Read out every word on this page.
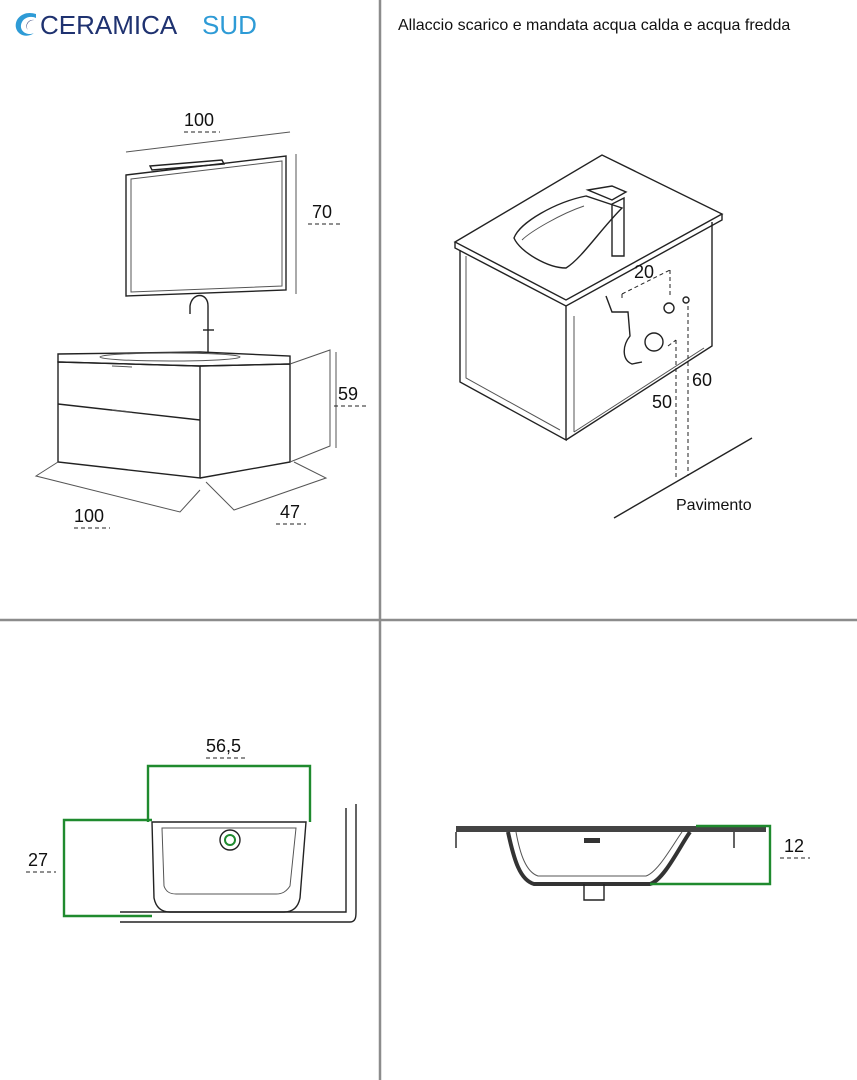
CERAMICA SUD
100
70
59
100	47
Allaccio scarico e mandata acqua calda e acqua fredda
20
60
50
Pavimento
56,5
27
12
